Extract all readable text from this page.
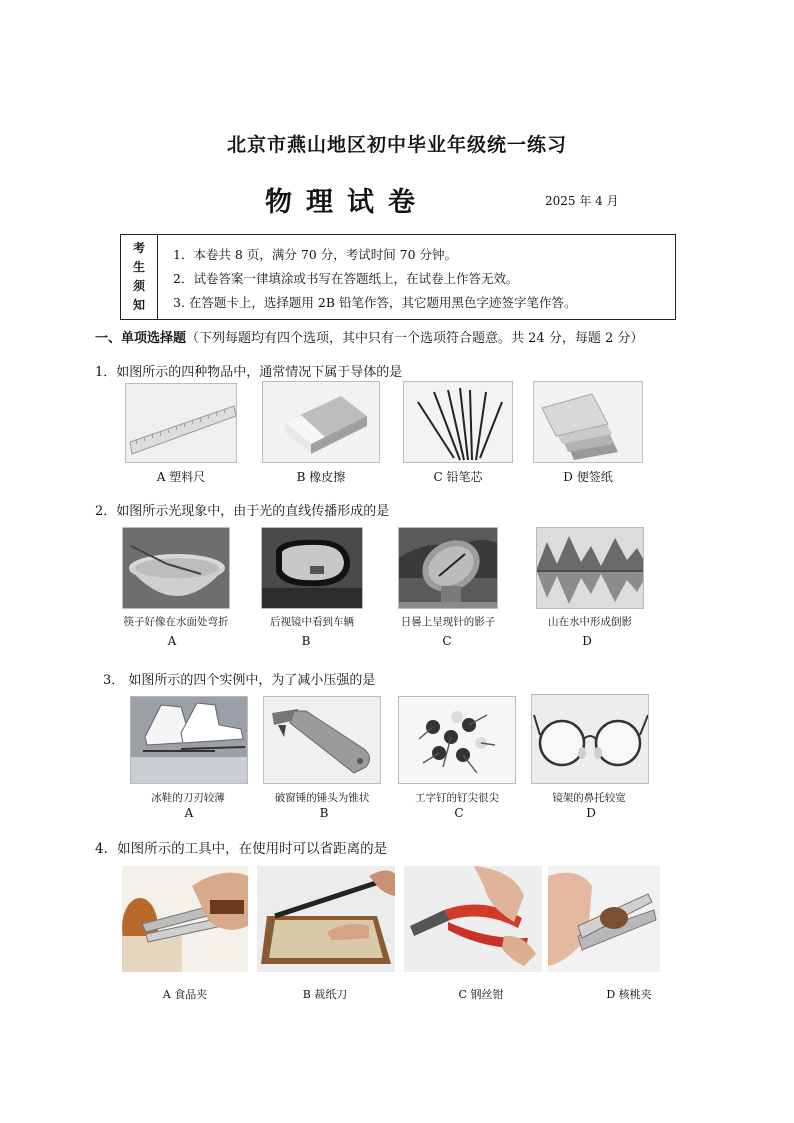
北京市燕山地区初中毕业年级统一练习
物理试卷	2025 年 4 月
考
生
须
知
1．本卷共 8 页，满分 70 分，考试时间 70 分钟。
2．试卷答案一律填涂或书写在答题纸上，在试卷上作答无效。
3. 在答题卡上，选择题用 2B 铅笔作答，其它题用黑色字迹签字笔作答。
一、单项选择题（下列每题均有四个选项，其中只有一个选项符合题意。共 24 分，每题 2 分）
1．如图所示的四种物品中，通常情况下属于导体的是
A 塑料尺	B 橡皮擦	C 铅笔芯	D 便签纸
2．如图所示光现象中，由于光的直线传播形成的是
筷子好像在水面处弯折	后视镜中看到车辆	日晷上呈现针的影子	山在水中形成倒影
A	B	C	D
3． 如图所示的四个实例中，为了减小压强的是
冰鞋的刀刃较薄	破窗锤的锤头为锥状	工字钉的钉尖很尖	镜架的鼻托较宽
A	B	C	D
4．如图所示的工具中，在使用时可以省距离的是
A 食品夹	B 裁纸刀	C 钢丝钳	D 核桃夹
